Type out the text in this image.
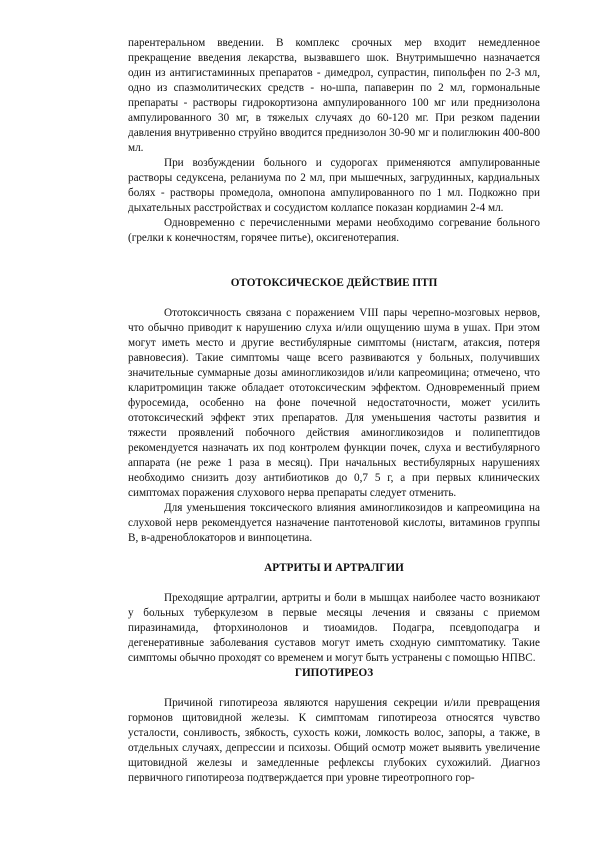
парентеральном введении. В комплекс срочных мер входит немедленное прекращение введения лекарства, вызвавшего шок. Внутримышечно назначается один из антигистаминных препаратов - димедрол, супрастин, пипольфен по 2-3 мл, одно из спазмолитических средств - но-шпа, папаверин по 2 мл, гормональные препараты - растворы гидрокортизона ампулированного 100 мг или преднизолона ампулированного 30 мг, в тяжелых случаях до 60-120 мг. При резком падении давления внутривенно струйно вводится преднизолон 30-90 мг и полиглюкин 400-800 мл.

При возбуждении больного и судорогах применяются ампулированные растворы седуксена, реланиума по 2 мл, при мышечных, загрудинных, кардиальных болях - растворы промедола, омнопона ампулированного по 1 мл. Подкожно при дыхательных расстройствах и сосудистом коллапсе показан кордиамин 2-4 мл.

Одновременно с перечисленными мерами необходимо согревание больного (грелки к конечностям, горячее питье), оксигенотерапия.

ОТОТОКСИЧЕСКОЕ ДЕЙСТВИЕ ПТП

Ототоксичность связана с поражением VIII пары черепно-мозговых нервов, что обычно приводит к нарушению слуха и/или ощущению шума в ушах. При этом могут иметь место и другие вестибулярные симптомы (нистагм, атаксия, потеря равновесия). Такие симптомы чаще всего развиваются у больных, получивших значительные суммарные дозы аминогликозидов и/или капреомицина; отмечено, что кларитромицин также обладает ототоксическим эффектом. Одновременный прием фуросемида, особенно на фоне почечной недостаточности, может усилить ототоксический эффект этих препаратов. Для уменьшения частоты развития и тяжести проявлений побочного действия аминогликозидов и полипептидов рекомендуется назначать их под контролем функции почек, слуха и вестибулярного аппарата (не реже 1 раза в месяц). При начальных вестибулярных нарушениях необходимо снизить дозу антибиотиков до 0,7 5 г, а при первых клинических симптомах поражения слухового нерва препараты следует отменить.

Для уменьшения токсического влияния аминогликозидов и капреомицина на слуховой нерв рекомендуется назначение пантотеновой кислоты, витаминов группы В, в-адреноблокаторов и винпоцетина.

АРТРИТЫ И АРТРАЛГИИ

Преходящие артралгии, артриты и боли в мышцах наиболее часто возникают у больных туберкулезом в первые месяцы лечения и связаны с приемом пиразинамида, фторхинолонов и тиоамидов. Подагра, псевдоподагра и дегенеративные заболевания суставов могут иметь сходную симптоматику. Такие симптомы обычно проходят со временем и могут быть устранены с помощью НПВС.

ГИПОТИРЕОЗ

Причиной гипотиреоза являются нарушения секреции и/или превращения гормонов щитовидной железы. К симптомам гипотиреоза относятся чувство усталости, сонливость, зябкость, сухость кожи, ломкость волос, запоры, а также, в отдельных случаях, депрессии и психозы. Общий осмотр может выявить увеличение щитовидной железы и замедленные рефлексы глубоких сухожилий. Диагноз первичного гипотиреоза подтверждается при уровне тиреотропного гор-
